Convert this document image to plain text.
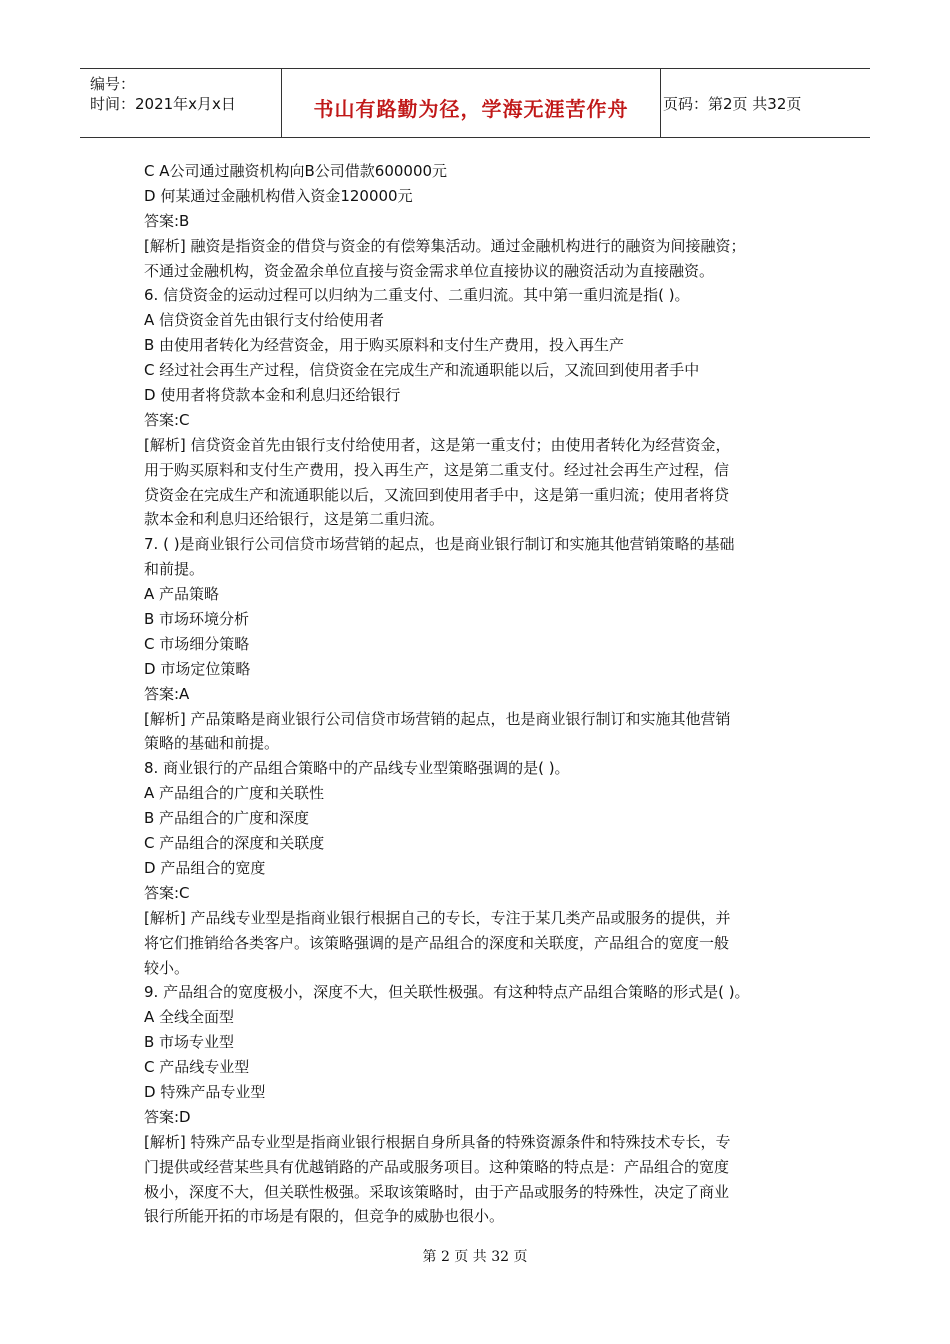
编号：
时间：2021年x月x日	书山有路勤为径，学海无涯苦作舟	页码：第2页 共32页
C A公司通过融资机构向B公司借款600000元
D 何某通过金融机构借入资金120000元
答案:B
[解析] 融资是指资金的借贷与资金的有偿筹集活动。通过金融机构进行的融资为间接融资；
不通过金融机构，资金盈余单位直接与资金需求单位直接协议的融资活动为直接融资。
6. 信贷资金的运动过程可以归纳为二重支付、二重归流。其中第一重归流是指( )。
A 信贷资金首先由银行支付给使用者
B 由使用者转化为经营资金，用于购买原料和支付生产费用，投入再生产
C 经过社会再生产过程，信贷资金在完成生产和流通职能以后，又流回到使用者手中
D 使用者将贷款本金和利息归还给银行
答案:C
[解析] 信贷资金首先由银行支付给使用者，这是第一重支付；由使用者转化为经营资金，
用于购买原料和支付生产费用，投入再生产，这是第二重支付。经过社会再生产过程，信
贷资金在完成生产和流通职能以后，又流回到使用者手中，这是第一重归流；使用者将贷
款本金和利息归还给银行，这是第二重归流。
7. ( )是商业银行公司信贷市场营销的起点，也是商业银行制订和实施其他营销策略的基础
和前提。
A 产品策略
B 市场环境分析
C 市场细分策略
D 市场定位策略
答案:A
[解析] 产品策略是商业银行公司信贷市场营销的起点，也是商业银行制订和实施其他营销
策略的基础和前提。
8. 商业银行的产品组合策略中的产品线专业型策略强调的是( )。
A 产品组合的广度和关联性
B 产品组合的广度和深度
C 产品组合的深度和关联度
D 产品组合的宽度
答案:C
[解析] 产品线专业型是指商业银行根据自己的专长，专注于某几类产品或服务的提供，并
将它们推销给各类客户。该策略强调的是产品组合的深度和关联度，产品组合的宽度一般
较小。
9. 产品组合的宽度极小，深度不大，但关联性极强。有这种特点产品组合策略的形式是( )。
A 全线全面型
B 市场专业型
C 产品线专业型
D 特殊产品专业型
答案:D
[解析] 特殊产品专业型是指商业银行根据自身所具备的特殊资源条件和特殊技术专长，专
门提供或经营某些具有优越销路的产品或服务项目。这种策略的特点是：产品组合的宽度
极小，深度不大，但关联性极强。采取该策略时，由于产品或服务的特殊性，决定了商业
银行所能开拓的市场是有限的，但竞争的威胁也很小。
第 2 页 共 32 页
